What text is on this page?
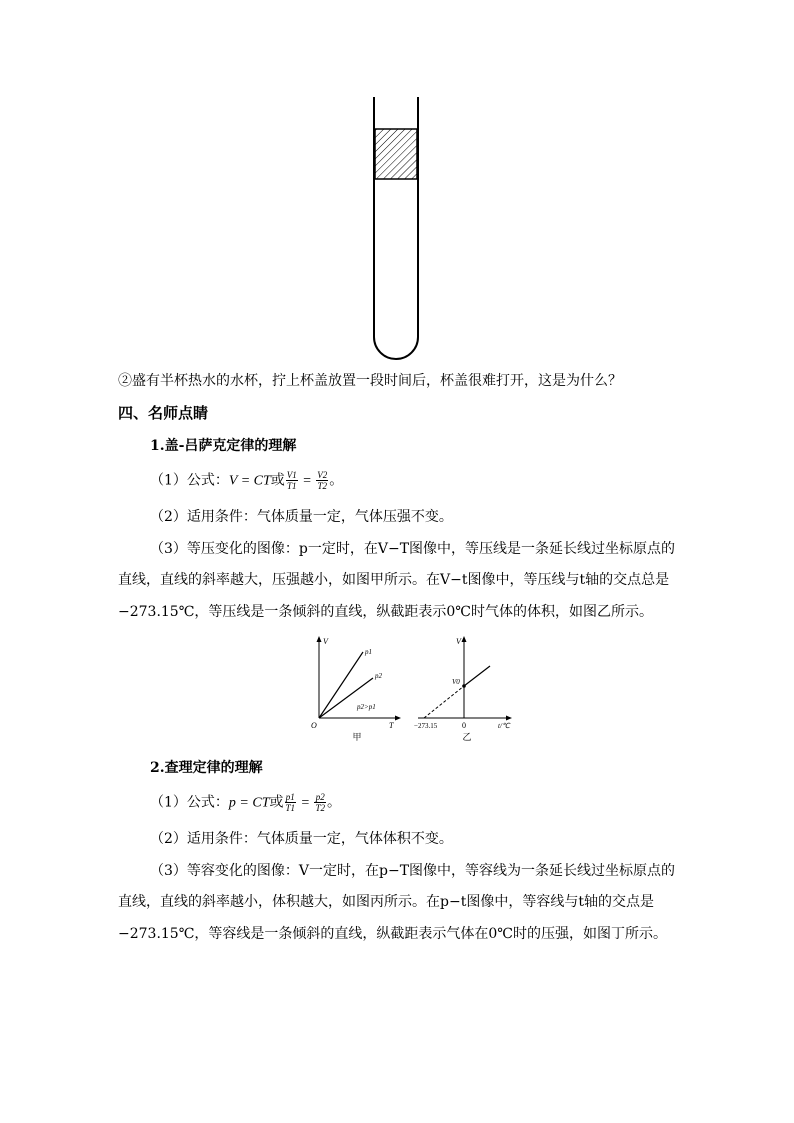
②盛有半杯热水的水杯，拧上杯盖放置一段时间后，杯盖很难打开，这是为什么？
四、名师点睛
1.盖-吕萨克定律的理解
（1）公式：V = CT或 $\frac{V1}{T1} = \frac{V2}{T2}$ 。
（2）适用条件：气体质量一定，气体压强不变。
（3）等压变化的图像：p一定时，在V−T图像中，等压线是一条延长线过坐标原点的
直线，直线的斜率越大，压强越小，如图甲所示。在V−t图像中，等压线与t轴的交点总是
−273.15℃，等压线是一条倾斜的直线，纵截距表示0℃时气体的体积，如图乙所示。
V
T
O
p1
p2
p2>p1
甲
V
V0
0
−273.15	t/℃
乙
2.查理定律的理解
（1）公式：p = CT或 $\frac{p1}{T1} = \frac{p2}{T2}$ 。
（2）适用条件：气体质量一定，气体体积不变。
（3）等容变化的图像：V一定时，在p−T图像中，等容线为一条延长线过坐标原点的
直线，直线的斜率越小，体积越大，如图丙所示。在p−t图像中，等容线与t轴的交点是
−273.15℃，等容线是一条倾斜的直线，纵截距表示气体在0℃时的压强，如图丁所示。
